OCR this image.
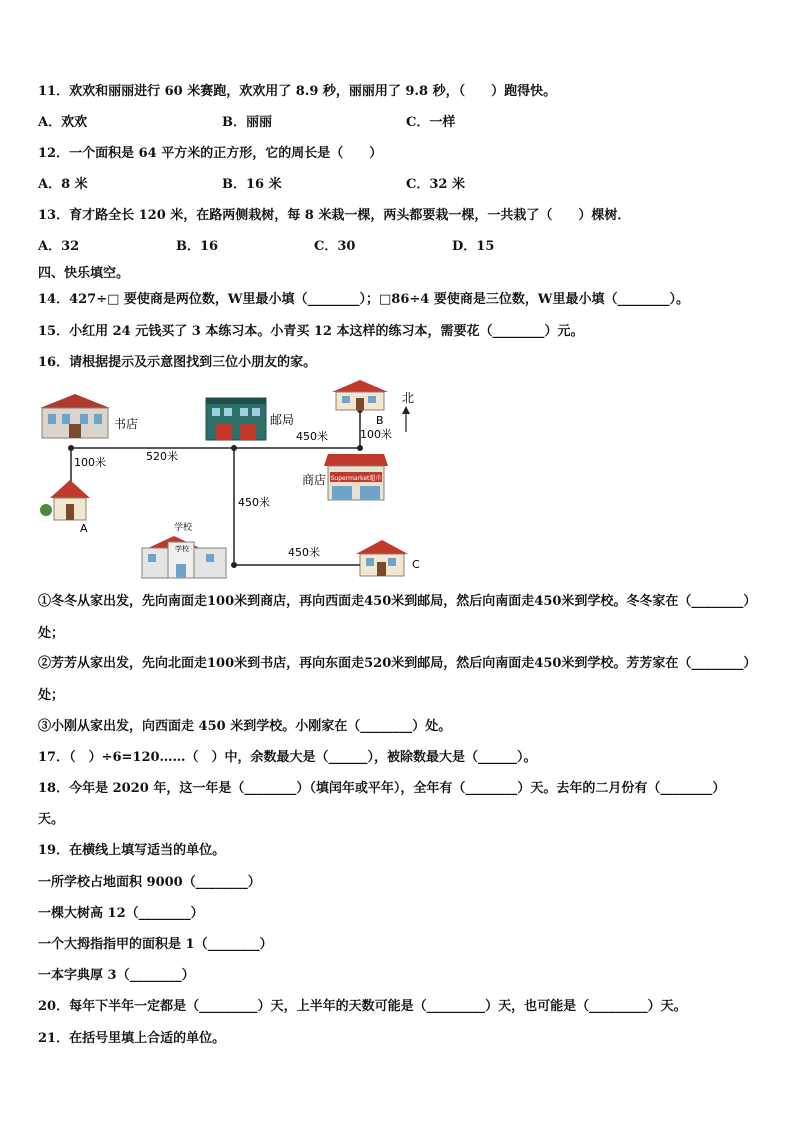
11．欢欢和丽丽进行 60 米赛跑，欢欢用了 8.9 秒，丽丽用了 9.8 秒，（　　）跑得快。
A．欢欢	B．丽丽	C．一样
12．一个面积是 64 平方米的正方形，它的周长是（　　）
A．8 米	B．16 米	C．32 米
13．育才路全长 120 米，在路两侧栽树，每 8 米栽一棵，两头都要栽一棵，一共栽了（　　）棵树．
A．32	B．16	C．30	D．15
四、快乐填空。
14．427÷□ 要使商是两位数，W里最小填（________）；□86÷4 要使商是三位数，W里最小填（________）。
15．小红用 24 元钱买了 3 本练习本。小青买 12 本这样的练习本，需要花（________）元。
16．请根据提示及示意图找到三位小朋友的家。
书店	邮局	B
北
Supermarket超市
商店
A	学校
学校
C
100米	520米
450米	100米
450米
450米
①冬冬从家出发，先向南面走100米到商店，再向西面走450米到邮局，然后向南面走450米到学校。冬冬家在（________）
处；
②芳芳从家出发，先向北面走100米到书店，再向东面走520米到邮局，然后向南面走450米到学校。芳芳家在（________）
处；
③小刚从家出发，向西面走 450 米到学校。小刚家在（________）处。
17．（　）÷6=120……（　）中，余数最大是（______），被除数最大是（______）。
18．今年是 2020 年，这一年是（________）（填闰年或平年），全年有（________）天。去年的二月份有（________）
天。
19．在横线上填写适当的单位。
一所学校占地面积 9000（________）
一棵大树高 12（________）
一个大拇指指甲的面积是 1（________）
一本字典厚 3（________）
20．每年下半年一定都是（_________）天，上半年的天数可能是（_________）天，也可能是（_________）天。
21．在括号里填上合适的单位。
